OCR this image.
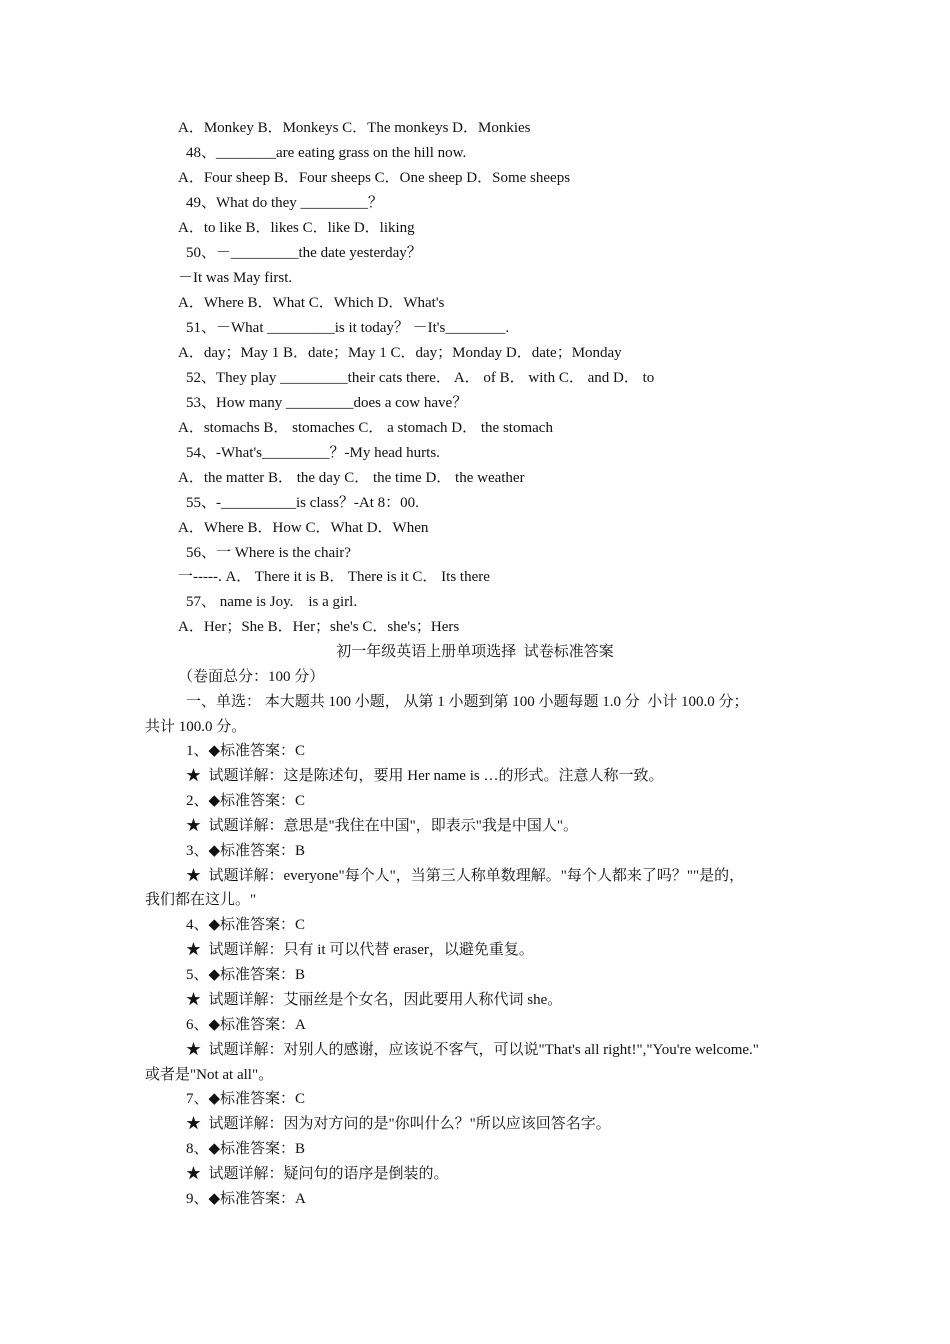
A．Monkey B．Monkeys C．The monkeys D．Monkies
48、________are eating grass on the hill now.
A．Four sheep B．Four sheeps C．One sheep D．Some sheeps
49、What do they _________？
A．to like B．likes C．like D．liking
50、－_________the date yesterday？
－It was May first.
A．Where B．What C．Which D．What's
51、－What _________is it today？ －It's________.
A．day；May 1 B．date；May 1 C．day；Monday D．date；Monday
52、They play _________their cats there． A． of B． with C． and D． to
53、How many _________does a cow have？
A．stomachs B． stomaches C． a stomach D． the stomach
54、-What's_________？-My head hurts.
A．the matter B． the day C． the time D． the weather
55、-__________is class？-At 8：00.
A．Where B．How C．What D．When
56、一 Where is the chair?
一-----. A． There it is B． There is it C． Its there
57、 name is Joy.    is a girl.
A．Her；She B．Her；she's C．she's；Hers
初一年级英语上册单项选择  试卷标准答案
（卷面总分：100 分）
一、单选： 本大题共 100 小题， 从第 1 小题到第 100 小题每题 1.0 分  小计 100.0 分；
共计 100.0 分。
1、◆标准答案：C
★  试题详解：这是陈述句，要用 Her name is …的形式。注意人称一致。
2、◆标准答案：C
★  试题详解：意思是"我住在中国"，即表示"我是中国人"。
3、◆标准答案：B
★  试题详解：everyone"每个人"，当第三人称单数理解。"每个人都来了吗？""是的，
我们都在这儿。"
4、◆标准答案：C
★  试题详解：只有 it 可以代替 eraser，以避免重复。
5、◆标准答案：B
★  试题详解：艾丽丝是个女名，因此要用人称代词 she。
6、◆标准答案：A
★  试题详解：对别人的感谢，应该说不客气，可以说"That's all right!","You're welcome."
或者是"Not at all"。
7、◆标准答案：C
★  试题详解：因为对方问的是"你叫什么？"所以应该回答名字。
8、◆标准答案：B
★  试题详解：疑问句的语序是倒装的。
9、◆标准答案：A
